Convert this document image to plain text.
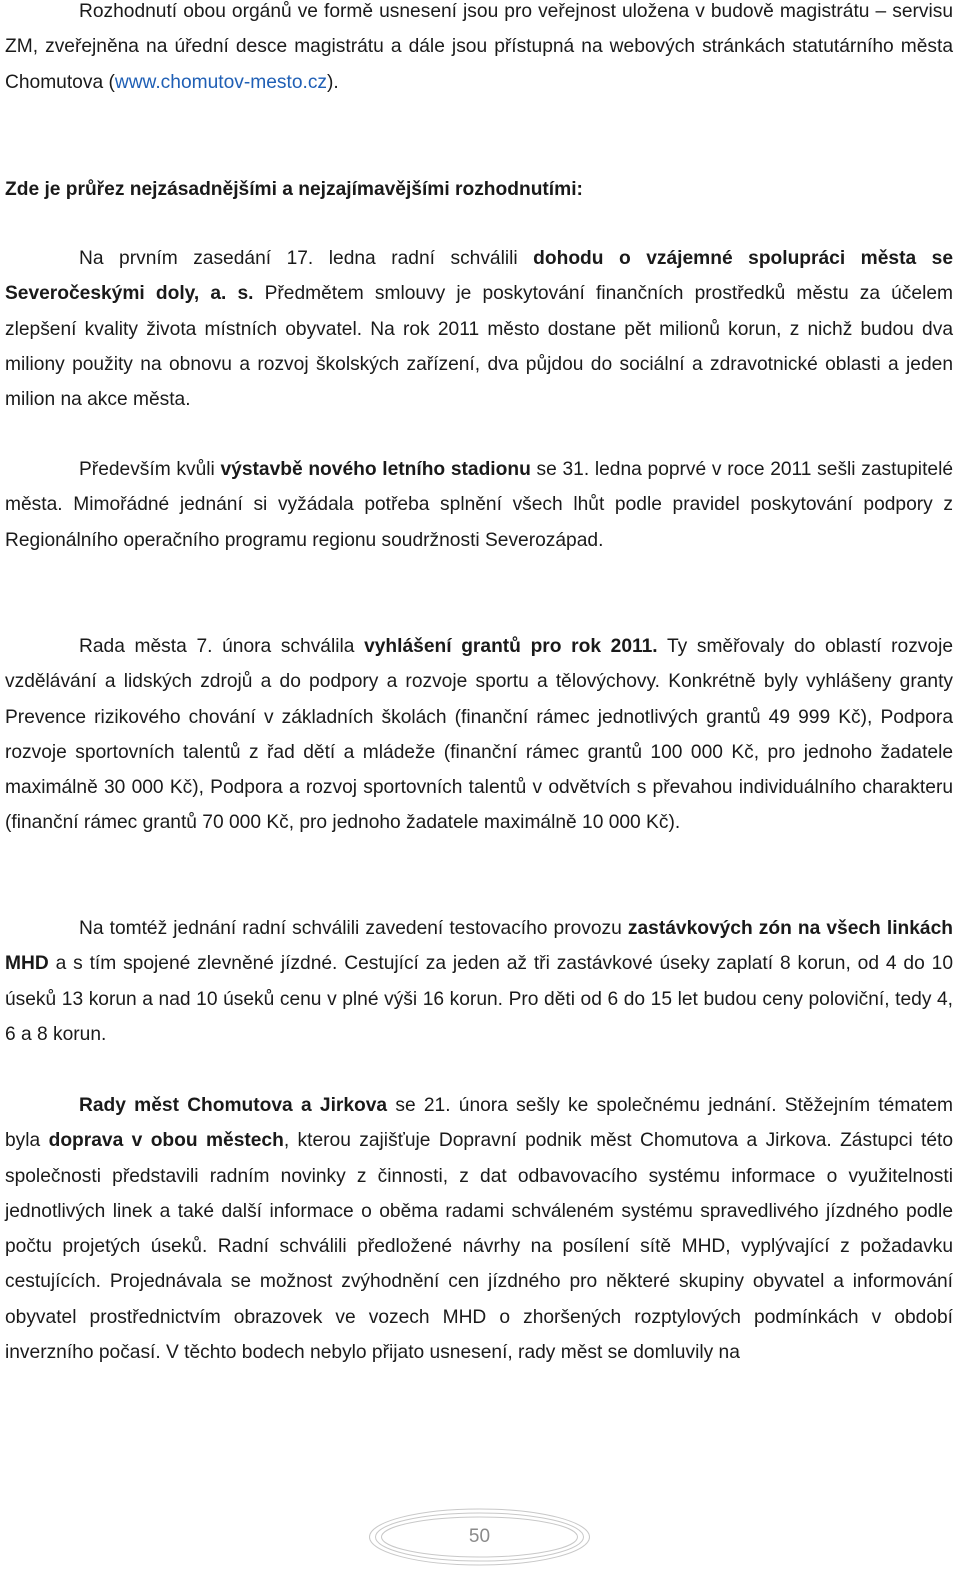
Rozhodnutí obou orgánů ve formě usnesení jsou pro veřejnost uložena v budově magistrátu – servisu ZM, zveřejněna na úřední desce magistrátu a dále jsou přístupná na webových stránkách statutárního města Chomutova (www.chomutov-mesto.cz).

Zde je průřez nejzásadnějšími a nejzajímavějšími rozhodnutími:

Na prvním zasedání 17. ledna radní schválili dohodu o vzájemné spolupráci města se Severočeskými doly, a. s. Předmětem smlouvy je poskytování finančních prostředků městu za účelem zlepšení kvality života místních obyvatel. Na rok 2011 město dostane pět milionů korun, z nichž budou dva miliony použity na obnovu a rozvoj školských zařízení, dva půjdou do sociální a zdravotnické oblasti a jeden milion na akce města.

Především kvůli výstavbě nového letního stadionu se 31. ledna poprvé v roce 2011 sešli zastupitelé města. Mimořádné jednání si vyžádala potřeba splnění všech lhůt podle pravidel poskytování podpory z Regionálního operačního programu regionu soudržnosti Severozápad.

Rada města 7. února schválila vyhlášení grantů pro rok 2011. Ty směřovaly do oblastí rozvoje vzdělávání a lidských zdrojů a do podpory a rozvoje sportu a tělovýchovy. Konkrétně byly vyhlášeny granty Prevence rizikového chování v základních školách (finanční rámec jednotlivých grantů 49 999 Kč), Podpora rozvoje sportovních talentů z řad dětí a mládeže (finanční rámec grantů 100 000 Kč, pro jednoho žadatele maximálně 30 000 Kč), Podpora a rozvoj sportovních talentů v odvětvích s převahou individuálního charakteru (finanční rámec grantů 70 000 Kč, pro jednoho žadatele maximálně 10 000 Kč).

Na tomtéž jednání radní schválili zavedení testovacího provozu zastávkových zón na všech linkách MHD a s tím spojené zlevněné jízdné. Cestující za jeden až tři zastávkové úseky zaplatí 8 korun, od 4 do 10 úseků 13 korun a nad 10 úseků cenu v plné výši 16 korun. Pro děti od 6 do 15 let budou ceny poloviční, tedy 4, 6 a 8 korun.

Rady měst Chomutova a Jirkova se 21. února sešly ke společnému jednání. Stěžejním tématem byla doprava v obou městech, kterou zajišťuje Dopravní podnik měst Chomutova a Jirkova. Zástupci této společnosti představili radním novinky z činnosti, z dat odbavovacího systému informace o využitelnosti jednotlivých linek a také další informace o oběma radami schváleném systému spravedlivého jízdného podle počtu projetých úseků. Radní schválili předložené návrhy na posílení sítě MHD, vyplývající z požadavku cestujících. Projednávala se možnost zvýhodnění cen jízdného pro některé skupiny obyvatel a informování obyvatel prostřednictvím obrazovek ve vozech MHD o zhoršených rozptylových podmínkách v období inverzního počasí. V těchto bodech nebylo přijato usnesení, rady měst se domluvily na

50
